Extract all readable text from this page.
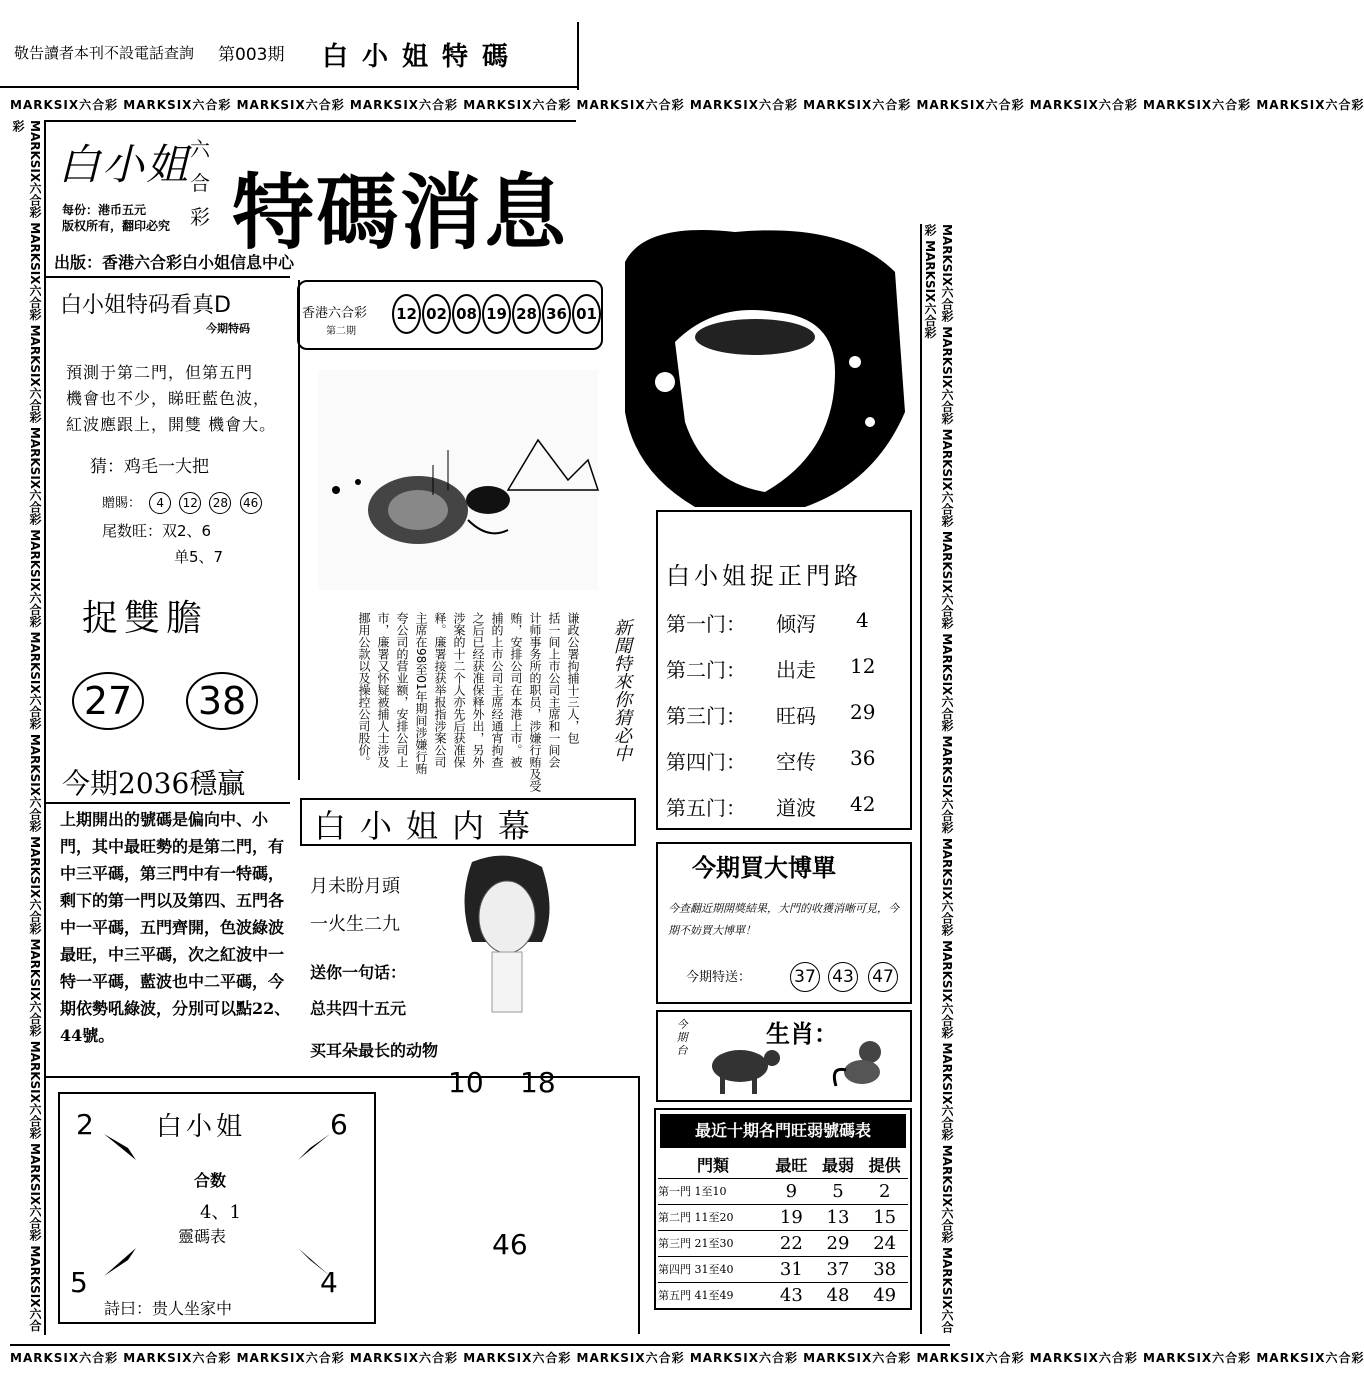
敬告讀者本刊不設電話查詢 第003期 白小姐特碼
MARKSIX六合彩 MARKSIX六合彩 MARKSIX六合彩 MARKSIX六合彩 MARKSIX六合彩 MARKSIX六合彩 MARKSIX六合彩 MARKSIX六合彩 MARKSIX六合彩 MARKSIX六合彩 MARKSIX六合彩 MARKSIX六合彩
MARKSIX六合彩 MARKSIX六合彩 MARKSIX六合彩 MARKSIX六合彩 MARKSIX六合彩 MARKSIX六合彩 MARKSIX六合彩 MARKSIX六合彩 MARKSIX六合彩 MARKSIX六合彩 MARKSIX六合彩 MARKSIX六合彩
MARKSIX六合彩 MARKSIX六合彩 MARKSIX六合彩 MARKSIX六合彩 MARKSIX六合彩 MARKSIX六合彩 MARKSIX六合彩 MARKSIX六合彩 MARKSIX六合彩 MARKSIX六合彩 MARKSIX六合彩 MARKSIX六合彩
MARKSIX六合彩 MARKSIX六合彩 MARKSIX六合彩 MARKSIX六合彩 MARKSIX六合彩 MARKSIX六合彩 MARKSIX六合彩 MARKSIX六合彩 MARKSIX六合彩 MARKSIX六合彩 MARKSIX六合彩 MARKSIX六合彩
白小姐 六合彩
每份：港币五元
版权所有，翻印必究 特碼消息
出版：香港六合彩白小姐信息中心
白小姐特码看真D
今期特码
預測于第二門，但第五門
機會也不少，睇旺藍色波，
紅波應跟上，開雙 機會大。
猜：鸡毛一大把
贈賜： 4 12 28 46
尾数旺：双2、6
单5、7
香港六合彩
第二期
12 02 08 19 28 36 01
捉雙膽
27	38	谦政公署拘捕十三人，包
括一间上市公司主席和一间会
计师事务所的职员，涉嫌行贿及受
贿，安排公司在本港上市。被
捕的上市公司主席经通宵拘查
之后已经获准保释外出，另外
涉案的十二个人亦先后获准保
释。廉署接获举报指涉案公司
主席在98至01年期间涉嫌行贿
夸公司的营业额，安排公司上
市，廉署又怀疑被捕人士涉及
挪用公款以及操控公司股价。	新聞特來你猜必中
白小姐捉正門路
第一门： 倾泻 4
第二门： 出走 12
第三门： 旺码 29
第四门： 空传 36
第五门： 道波 42
今期2036穩贏
上期開出的號碼是偏向中、小門，其中最旺勢的是第二門，有中三平碼，第三門中有一特碼，剩下的第一門以及第四、五門各中一平碼，五門齊開，色波綠波最旺，中三平碼，次之紅波中一特一平碼，藍波也中二平碼，今期依勢吼綠波，分別可以點22、44號。
白小姐内幕
月未盼月頭
一火生二九
送你一句话：
总共四十五元
买耳朵最长的动物
10 18
46
今期買大博單
今查翻近期開獎結果，大門的收獲消晰可見，今期不妨買大博單！
今期特送：	37 43 47
今期台
生肖：
最近十期各門旺弱號碼表
門類	最旺	最弱	提供
第一門 1至10	9	5	2
第二門 11至20	19	13	15
第三門 21至30	22	29	24
第四門 31至40	31	37	38
第五門 41至49	43	48	49
白小姐
2	6
5	4
合数
4、1
靈碼表
詩曰：贵人坐家中
